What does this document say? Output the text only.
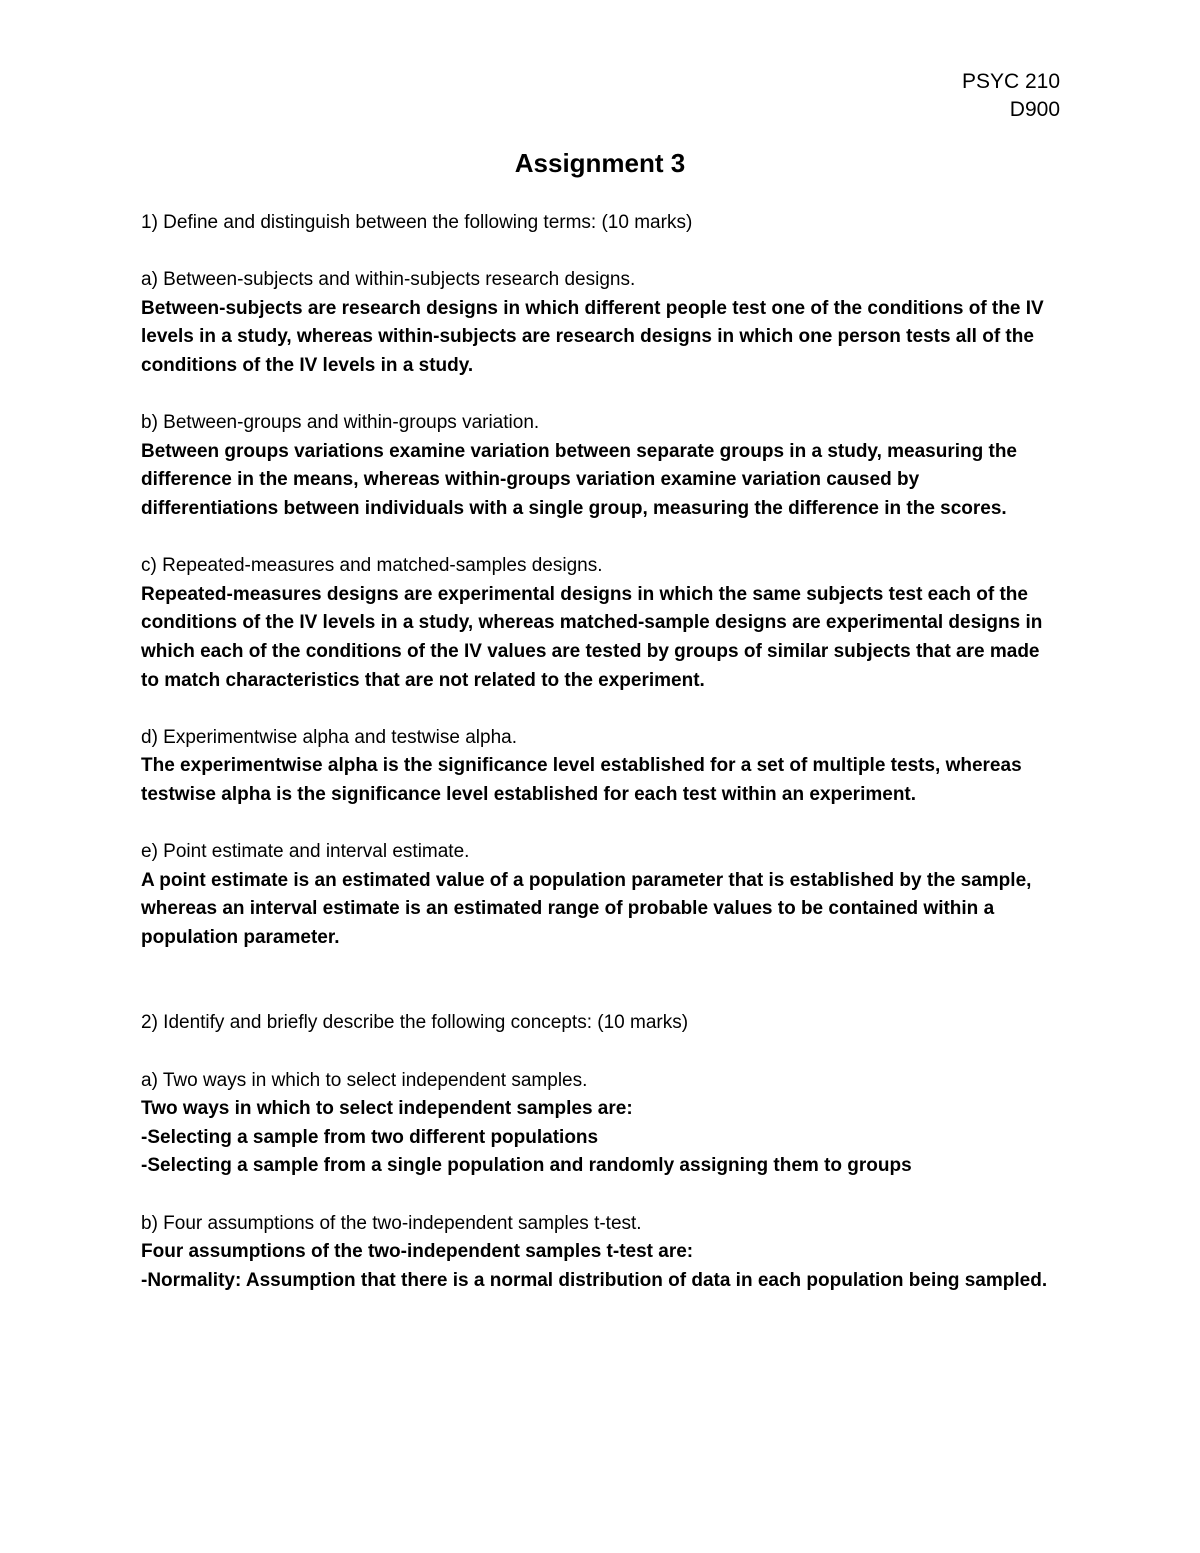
PSYC 210
D900
Assignment 3

1) Define and distinguish between the following terms: (10 marks)

a) Between-subjects and within-subjects research designs.

Between-subjects are research designs in which different people test one of the conditions of the IV levels in a study, whereas within-subjects are research designs in which one person tests all of the conditions of the IV levels in a study.

b) Between-groups and within-groups variation.

Between groups variations examine variation between separate groups in a study, measuring the difference in the means, whereas within-groups variation examine variation caused by differentiations between individuals with a single group, measuring the difference in the scores.

c) Repeated-measures and matched-samples designs.

Repeated-measures designs are experimental designs in which the same subjects test each of the conditions of the IV levels in a study, whereas matched-sample designs are experimental designs in which each of the conditions of the IV values are tested by groups of similar subjects that are made to match characteristics that are not related to the experiment.

d) Experimentwise alpha and testwise alpha.

The experimentwise alpha is the significance level established for a set of multiple tests, whereas testwise alpha is the significance level established for each test within an experiment.

e) Point estimate and interval estimate.

A point estimate is an estimated value of a population parameter that is established by the sample, whereas an interval estimate is an estimated range of probable values to be contained within a population parameter.

2) Identify and briefly describe the following concepts: (10 marks)

a) Two ways in which to select independent samples.

Two ways in which to select independent samples are:

-Selecting a sample from two different populations

-Selecting a sample from a single population and randomly assigning them to groups

b) Four assumptions of the two-independent samples t-test.

Four assumptions of the two-independent samples t-test are:

-Normality: Assumption that there is a normal distribution of data in each population being sampled.
